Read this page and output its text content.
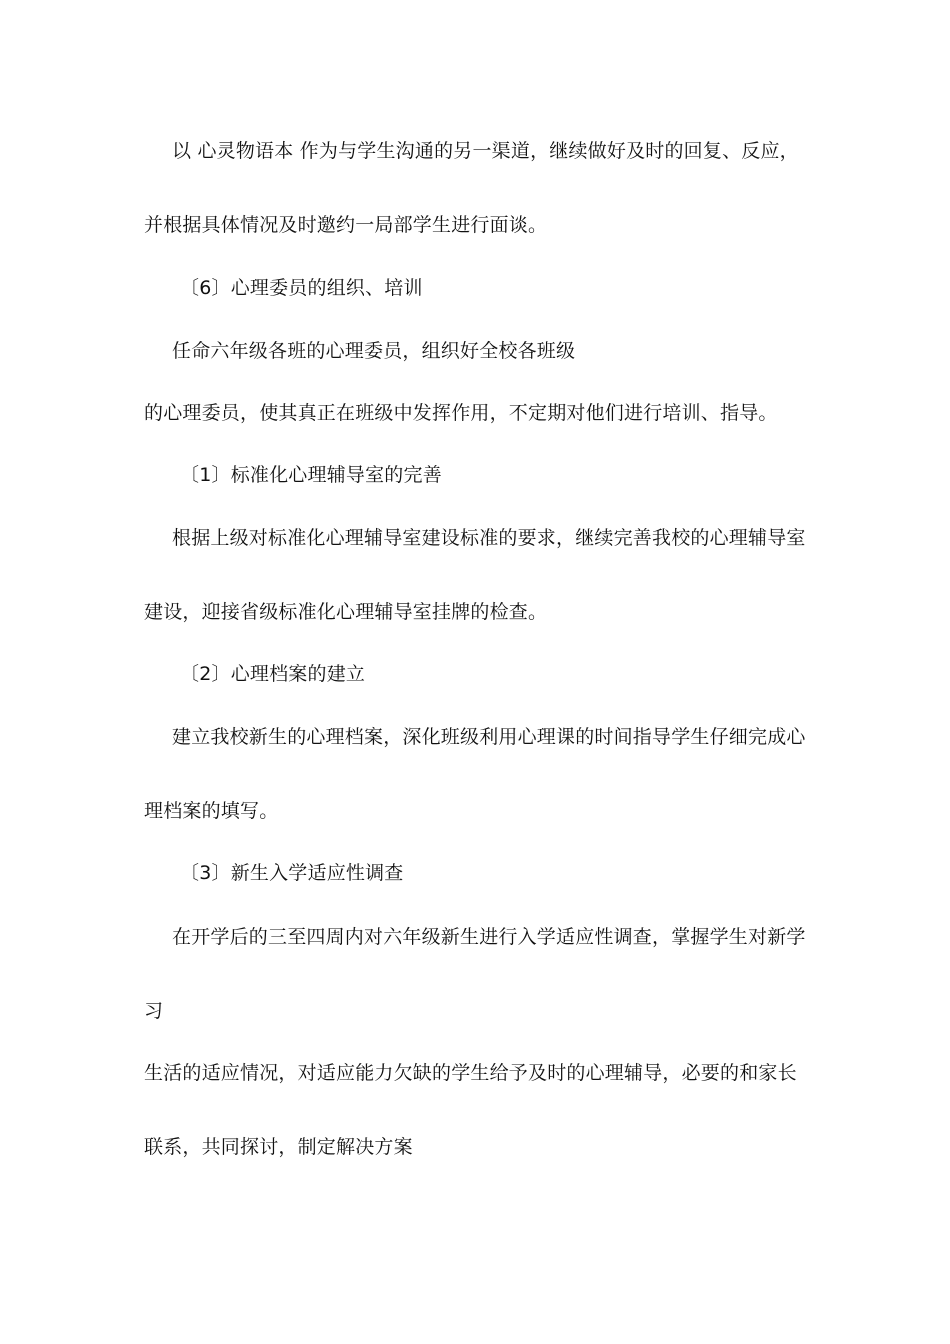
以 心灵物语本 作为与学生沟通的另一渠道，继续做好及时的回复、反应，
并根据具体情况及时邀约一局部学生进行面谈。
〔6〕心理委员的组织、培训
任命六年级各班的心理委员，组织好全校各班级
的心理委员，使其真正在班级中发挥作用，不定期对他们进行培训、指导。
〔1〕标准化心理辅导室的完善
根据上级对标准化心理辅导室建设标准的要求，继续完善我校的心理辅导室
建设，迎接省级标准化心理辅导室挂牌的检查。
〔2〕心理档案的建立
建立我校新生的心理档案，深化班级利用心理课的时间指导学生仔细完成心
理档案的填写。
〔3〕新生入学适应性调查
在开学后的三至四周内对六年级新生进行入学适应性调查，掌握学生对新学
习
生活的适应情况，对适应能力欠缺的学生给予及时的心理辅导，必要的和家长
联系，共同探讨，制定解决方案
